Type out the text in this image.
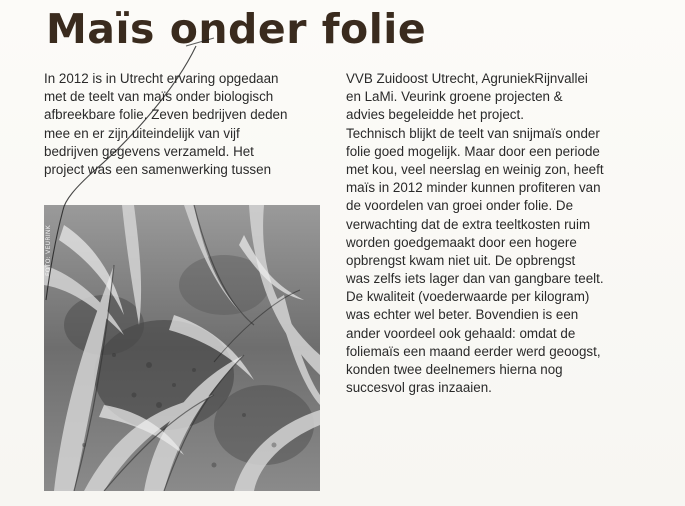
Maïs onder folie
In 2012 is in Utrecht ervaring opgedaan
met de teelt van maïs onder biologisch
afbreekbare folie. Zeven bedrijven deden
mee en er zijn uiteindelijk van vijf
bedrijven gegevens verzameld. Het
project was een samenwerking tussen
FOTO: VEURINK
VVB Zuidoost Utrecht, AgruniekRijnvallei
en LaMi. Veurink groene projecten &
advies begeleidde het project.
Technisch blijkt de teelt van snijmaïs onder
folie goed mogelijk. Maar door een periode
met kou, veel neerslag en weinig zon, heeft
maïs in 2012 minder kunnen profiteren van
de voordelen van groei onder folie. De
verwachting dat de extra teeltkosten ruim
worden goedgemaakt door een hogere
opbrengst kwam niet uit. De opbrengst
was zelfs iets lager dan van gangbare teelt.
De kwaliteit (voederwaarde per kilogram)
was echter wel beter. Bovendien is een
ander voordeel ook gehaald: omdat de
foliemaïs een maand eerder werd geoogst,
konden twee deelnemers hierna nog
succesvol gras inzaaien.
